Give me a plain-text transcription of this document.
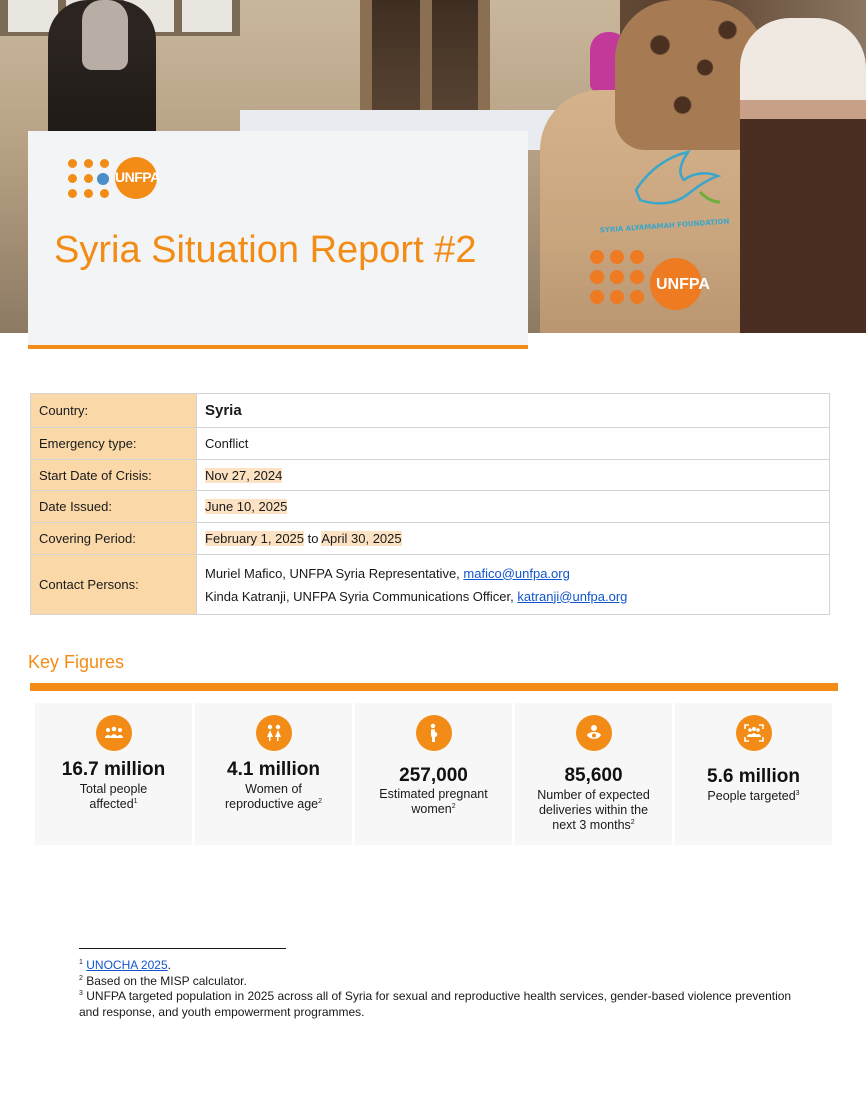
SYRIA ALYAMAMAH FOUNDATION
UNFPA
UNFPA
Syria Situation Report #2
Country:	Syria
Emergency type:	Conflict
Start Date of Crisis:	Nov 27, 2024
Date Issued:	June 10, 2025
Covering Period:	February 1, 2025 to April 30, 2025
Contact Persons:	Muriel Mafico, UNFPA Syria Representative, mafico@unfpa.org
Kinda Katranji, UNFPA Syria Communications Officer, katranji@unfpa.org
Key Figures
16.7 million
Total people
affected$^1$
4.1 million
Women of
reproductive age$^2$
257,000
Estimated pregnant
women$^2$
85,600
Number of expected
deliveries within the
next 3 months$^2$
5.6 million
People targeted$^3$
$^1$ UNOCHA 2025.
$^2$ Based on the MISP calculator.
$^3$ UNFPA targeted population in 2025 across all of Syria for sexual and reproductive health services, gender-based violence prevention and response, and youth empowerment programmes.
